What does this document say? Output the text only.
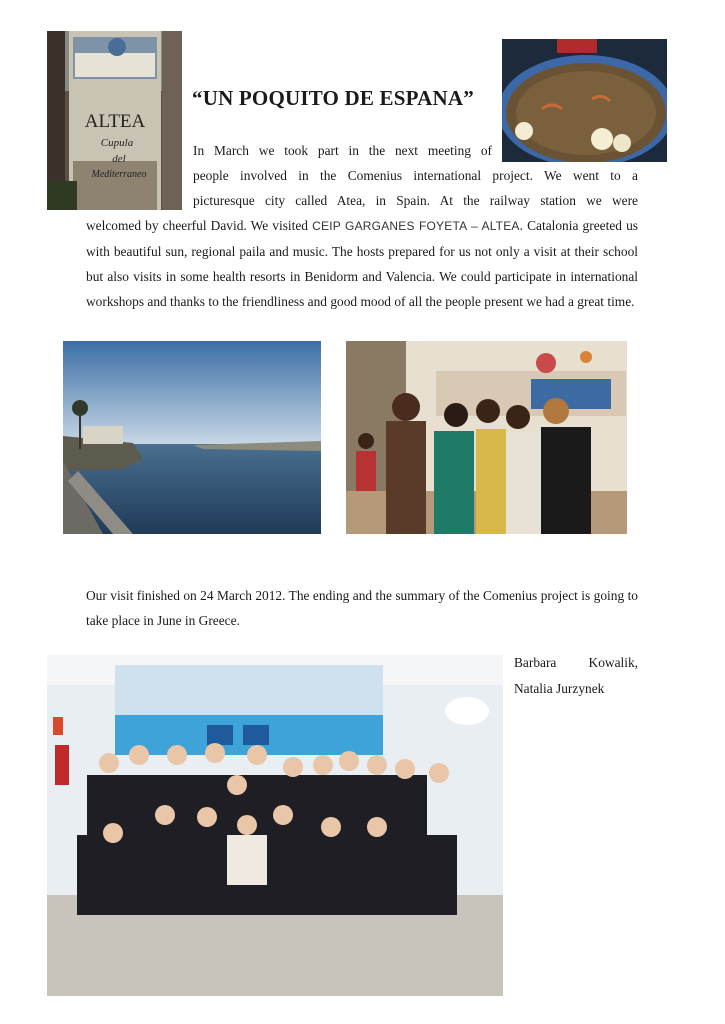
ALTEA
Cupula
del
Mediterraneo
“UN POQUITO DE ESPANA”
In March we took part in the next meeting of
people involved in the Comenius international project. We went to a
picturesque city called Atea, in Spain. At the railway station we were
welcomed by cheerful David. We visited CEIP GARGANES FOYETA – ALTEA. Catalonia greeted us with beautiful sun, regional paila and music. The hosts prepared for us not only a visit at their school but also visits in some health resorts in Benidorm and Valencia. We could participate in international workshops and thanks to the friendliness and good mood of all the people present we had a great time.
Our visit finished on 24 March 2012. The ending and the summary of the Comenius project is going to take place in June in Greece.
Barbara Kowalik,
Natalia Jurzynek
